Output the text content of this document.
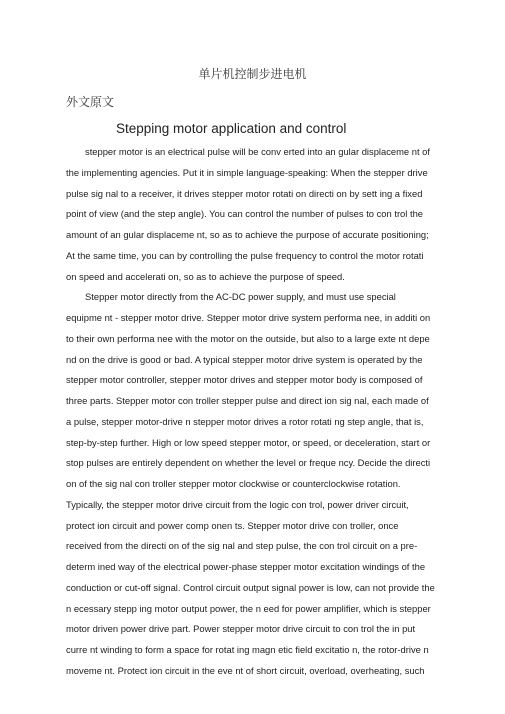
单片机控制步进电机
外文原文
Stepping motor application and control
stepper motor is an electrical pulse will be conv erted into an gular displaceme nt of
the implementing agencies. Put it in simple language-speaking: When the stepper drive
pulse sig nal to a receiver, it drives stepper motor rotati on directi on by sett ing a fixed
point of view (and the step angle). You can control the number of pulses to con trol the
amount of an gular displaceme nt, so as to achieve the purpose of accurate positioning;
At the same time, you can by controlling the pulse frequency to control the motor rotati
on speed and accelerati on, so as to achieve the purpose of speed.
Stepper motor directly from the AC-DC power supply, and must use special
equipme nt - stepper motor drive. Stepper motor drive system performa nee, in additi on
to their own performa nee with the motor on the outside, but also to a large exte nt depe
nd on the drive is good or bad. A typical stepper motor drive system is operated by the
stepper motor controller, stepper motor drives and stepper motor body is composed of
three parts. Stepper motor con troller stepper pulse and direct ion sig nal, each made of
a pulse, stepper motor-drive n stepper motor drives a rotor rotati ng step angle, that is,
step-by-step further. High or low speed stepper motor, or speed, or deceleration, start or
stop pulses are entirely dependent on whether the level or freque ncy. Decide the directi
on of the sig nal con troller stepper motor clockwise or counterclockwise rotation.
Typically, the stepper motor drive circuit from the logic con trol, power driver circuit,
protect ion circuit and power comp onen ts. Stepper motor drive con troller, once
received from the directi on of the sig nal and step pulse, the con trol circuit on a pre-
determ ined way of the electrical power-phase stepper motor excitation windings of the
conduction or cut-off signal. Control circuit output signal power is low, can not provide the
n ecessary stepp ing motor output power, the n eed for power amplifier, which is stepper
motor driven power drive part. Power stepper motor drive circuit to con trol the in put
curre nt winding to form a space for rotat ing magn etic field excitatio n, the rotor-drive n
moveme nt. Protect ion circuit in the eve nt of short circuit, overload, overheating, such
